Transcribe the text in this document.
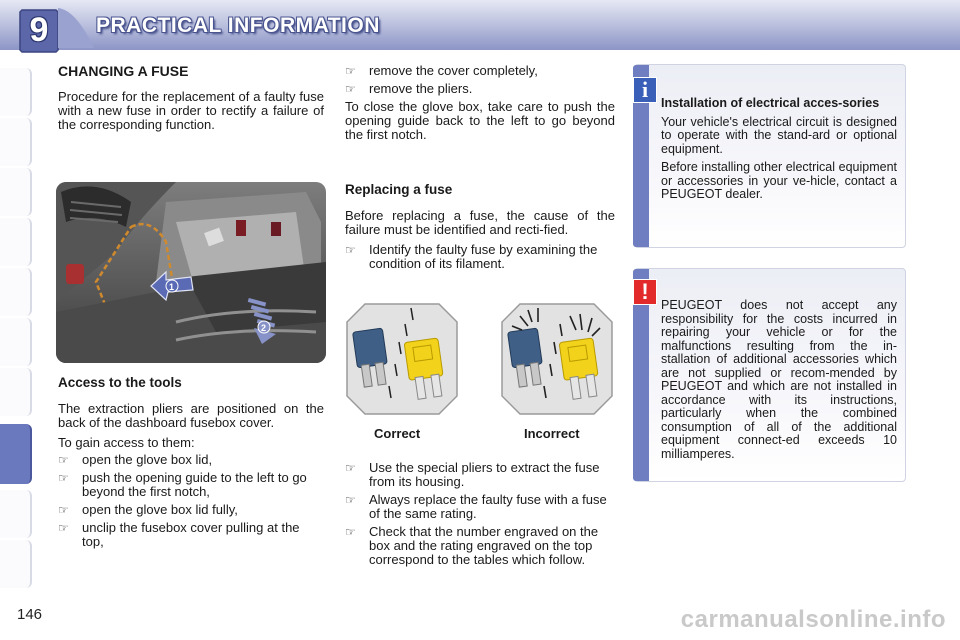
9	PRACTICAL INFORMATION

CHANGING A FUSE

Procedure for the replacement of a faulty fuse with a new fuse in order to rectify a failure of the corresponding function.

1
2

Access to the tools

The extraction pliers are positioned on the back of the dashboard fusebox cover.

To gain access to them:

☞ open the glove box lid,
☞ push the opening guide to the left to go beyond the first notch,
☞ open the glove box lid fully,
☞ unclip the fusebox cover pulling at the top,
☞ remove the cover completely,
☞ remove the pliers.

To close the glove box, take care to push the opening guide back to the left to go beyond the first notch.

Replacing a fuse

Before replacing a fuse, the cause of the failure must be identified and recti-fied.

☞ Identify the faulty fuse by examining the condition of its filament.
Correct	Incorrect
☞ Use the special pliers to extract the fuse from its housing.
☞ Always replace the faulty fuse with a fuse of the same rating.
☞ Check that the number engraved on the box and the rating engraved on the top correspond to the tables which follow.
i

Installation of electrical acces-sories

Your vehicle's electrical circuit is designed to operate with the stand-ard or optional equipment.

Before installing other electrical equipment or accessories in your ve-hicle, contact a PEUGEOT dealer.

!

PEUGEOT does not accept any responsibility for the costs incurred in repairing your vehicle or for the malfunctions resulting from the in-stallation of additional accessories which are not supplied or recom-mended by PEUGEOT and which are not installed in accordance with its instructions, particularly when the combined consumption of all of the additional equipment connect-ed exceeds 10 milliamperes.

146	carmanualsonline.info
